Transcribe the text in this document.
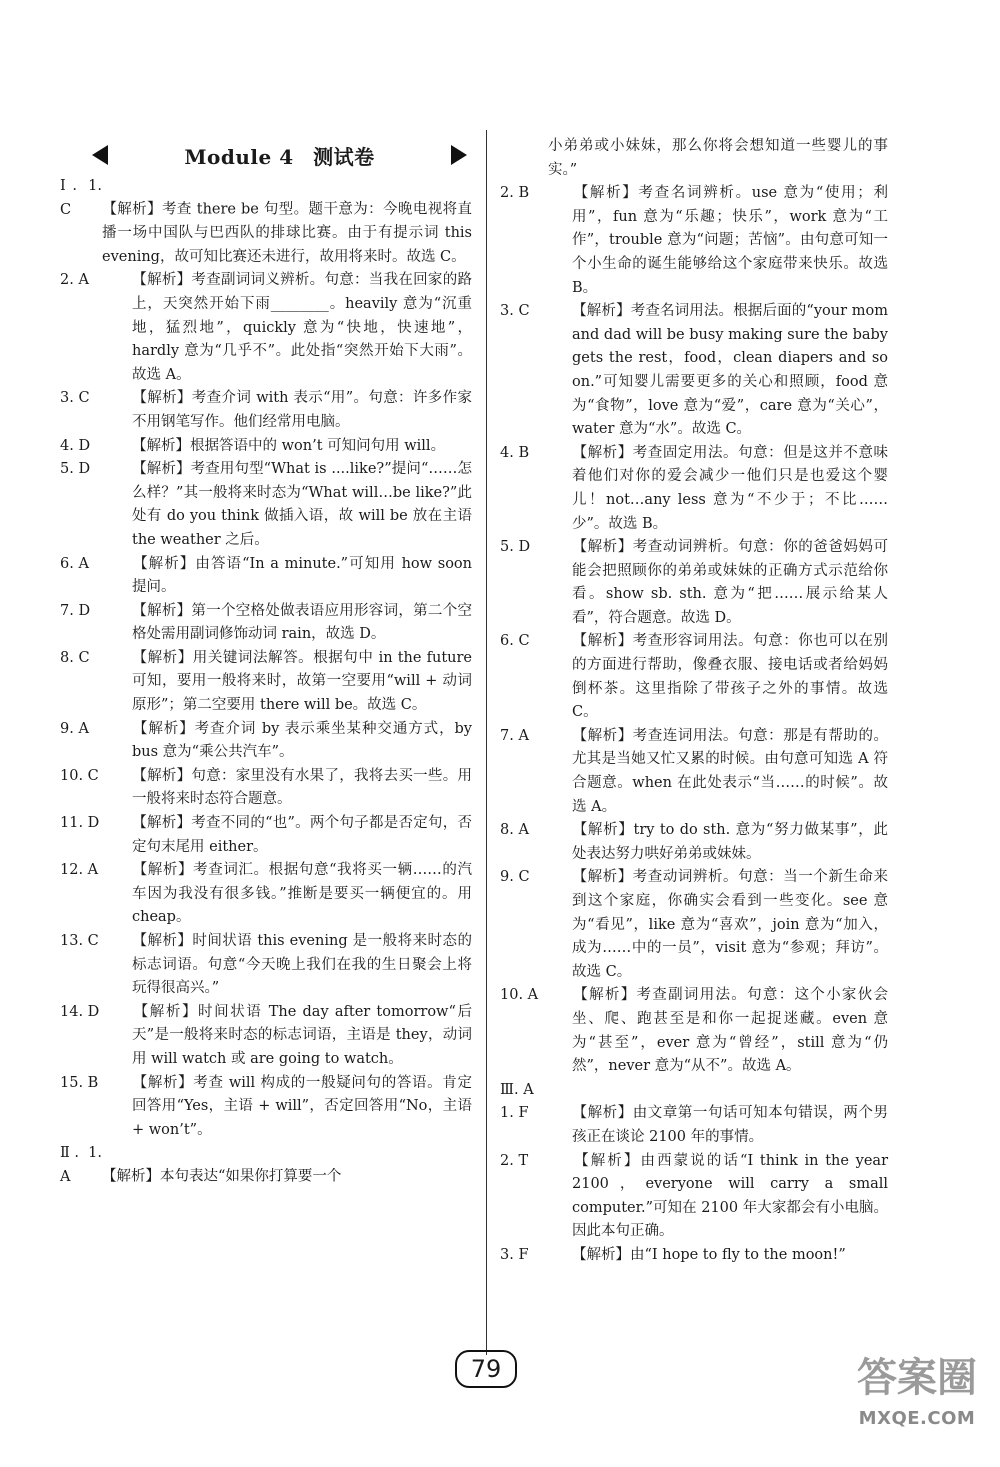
Module 4 测试卷

Ⅰ. 1. C 【解析】考查 there be 句型。题干意为：今晚电视将直播一场中国队与巴西队的排球比赛。由于有提示词 this evening，故可知比赛还未进行，故用将来时。故选 C。

2. A	【解析】考查副词词义辨析。句意：当我在回家的路上，天突然开始下雨________。heavily 意为“沉重地，猛烈地”，quickly 意为“快地，快速地”，hardly 意为“几乎不”。此处指“突然开始下大雨”。故选 A。

3. C	【解析】考查介词 with 表示“用”。句意：许多作家不用钢笔写作。他们经常用电脑。

4. D	【解析】根据答语中的 won’t 可知问句用 will。

5. D	【解析】考查用句型“What is ....like?”提问“……怎么样？”其一般将来时态为“What will…be like?”此处有 do you think 做插入语，故 will be 放在主语 the weather 之后。

6. A	【解析】由答语“In a minute.”可知用 how soon 提问。

7. D	【解析】第一个空格处做表语应用形容词，第二个空格处需用副词修饰动词 rain，故选 D。

8. C	【解析】用关键词法解答。根据句中 in the future 可知，要用一般将来时，故第一空要用“will + 动词原形”；第二空要用 there will be。故选 C。

9. A	【解析】考查介词 by 表示乘坐某种交通方式，by bus 意为“乘公共汽车”。

10. C 【解析】句意：家里没有水果了，我将去买一些。用一般将来时态符合题意。

11. D 【解析】考查不同的“也”。两个句子都是否定句，否定句末尾用 either。

12. A 【解析】考查词汇。根据句意“我将买一辆……的汽车因为我没有很多钱。”推断是要买一辆便宜的。用 cheap。

13. C 【解析】时间状语 this evening 是一般将来时态的标志词语。句意“今天晚上我们在我的生日聚会上将玩得很高兴。”

14. D 【解析】时间状语 The day after tomorrow“后天”是一般将来时态的标志词语，主语是 they，动词用 will watch 或 are going to watch。

15. B 【解析】考查 will 构成的一般疑问句的答语。肯定回答用“Yes，主语 + will”，否定回答用“No，主语 + won’t”。

Ⅱ. 1. A 【解析】本句表达“如果你打算要一个

小弟弟或小妹妹，那么你将会想知道一些婴儿的事实。”

2. B	【解析】考查名词辨析。use 意为“使用；利用”，fun 意为“乐趣；快乐”，work 意为“工作”，trouble 意为“问题；苦恼”。由句意可知一个小生命的诞生能够给这个家庭带来快乐。故选 B。

3. C	【解析】考查名词用法。根据后面的“your mom and dad will be busy making sure the baby gets the rest，food，clean diapers and so on.”可知婴儿需要更多的关心和照顾，food 意为“食物”，love 意为“爱”，care 意为“关心”，water 意为“水”。故选 C。

4. B	【解析】考查固定用法。句意：但是这并不意味着他们对你的爱会减少一他们只是也爱这个婴儿！not…any less 意为“不少于；不比……少”。故选 B。

5. D	【解析】考查动词辨析。句意：你的爸爸妈妈可能会把照顾你的弟弟或妹妹的正确方式示范给你看。show sb. sth. 意为“把……展示给某人看”，符合题意。故选 D。

6. C	【解析】考查形容词用法。句意：你也可以在别的方面进行帮助，像叠衣服、接电话或者给妈妈倒杯茶。这里指除了带孩子之外的事情。故选 C。

7. A	【解析】考查连词用法。句意：那是有帮助的。尤其是当她又忙又累的时候。由句意可知选 A 符合题意。when 在此处表示“当……的时候”。故选 A。

8. A	【解析】try to do sth. 意为“努力做某事”，此处表达努力哄好弟弟或妹妹。

9. C	【解析】考查动词辨析。句意：当一个新生命来到这个家庭，你确实会看到一些变化。see 意为“看见”，like 意为“喜欢”，join 意为“加入，成为……中的一员”，visit 意为“参观；拜访”。故选 C。

10. A 【解析】考查副词用法。句意：这个小家伙会坐、爬、跑甚至是和你一起捉迷藏。even 意为“甚至”，ever 意为“曾经”，still 意为“仍然”，never 意为“从不”。故选 A。

Ⅲ. A

1. F	【解析】由文章第一句话可知本句错误，两个男孩正在谈论 2100 年的事情。

2. T	【解析】由西蒙说的话“I think in the year 2100，everyone will carry a small computer.”可知在 2100 年大家都会有小电脑。因此本句正确。

3. F	【解析】由“I hope to fly to the moon!”

79	答案圈
MXQE.COM
